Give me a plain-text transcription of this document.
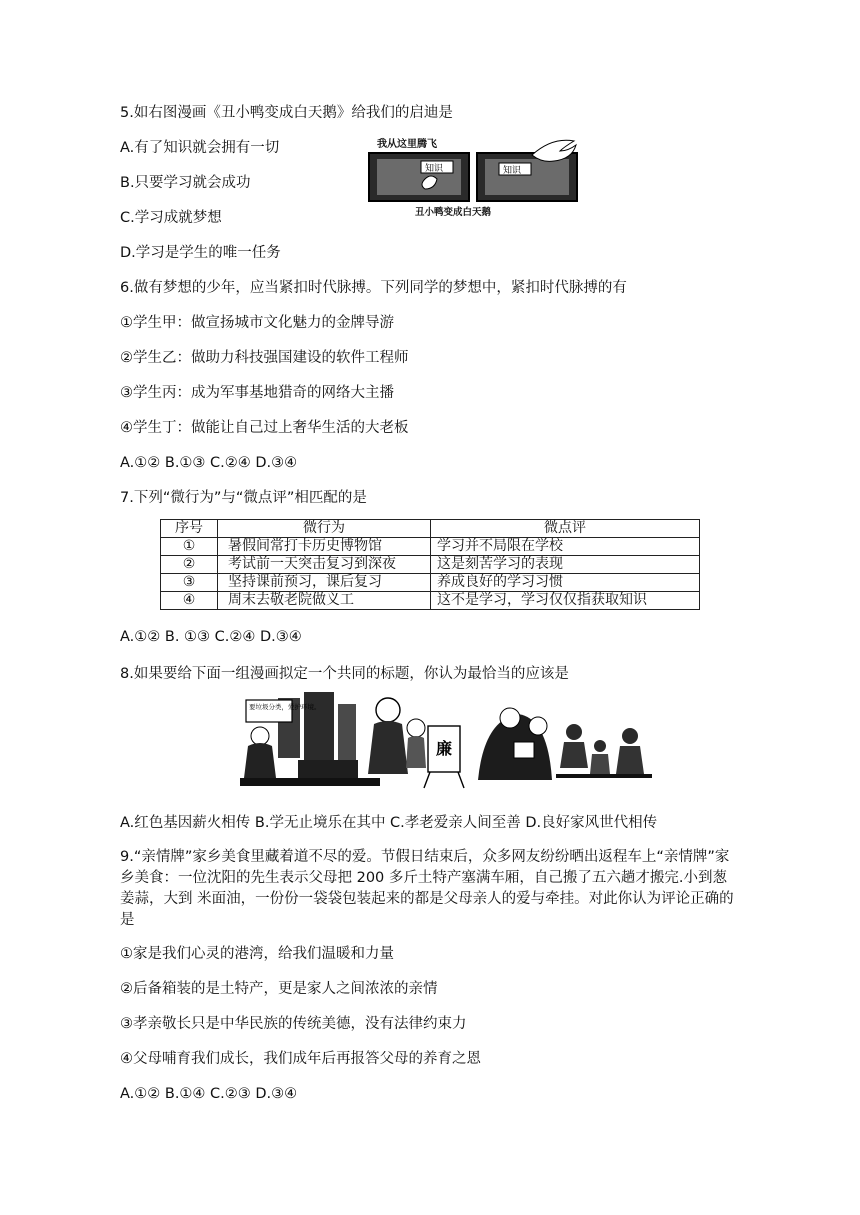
5.如右图漫画《丑小鸭变成白天鹅》给我们的启迪是
A.有了知识就会拥有一切
B.只要学习就会成功
C.学习成就梦想
D.学习是学生的唯一任务
我从这里腾飞
知识	知识
丑小鸭变成白天鹅
6.做有梦想的少年，应当紧扣时代脉搏。下列同学的梦想中，紧扣时代脉搏的有
①学生甲：做宣扬城市文化魅力的金牌导游
②学生乙：做助力科技强国建设的软件工程师
③学生丙：成为军事基地猎奇的网络大主播
④学生丁：做能让自己过上奢华生活的大老板
A.①② B.①③ C.②④ D.③④
7.下列“微行为”与“微点评”相匹配的是
序号	微行为	微点评
①	暑假间常打卡历史博物馆	学习并不局限在学校
②	考试前一天突击复习到深夜	这是刻苦学习的表现
③	坚持课前预习，课后复习	养成良好的学习习惯
④	周末去敬老院做义工	这不是学习，学习仅仅指获取知识
A.①② B. ①③ C.②④ D.③④
8.如果要给下面一组漫画拟定一个共同的标题，你认为最恰当的应该是
要垃圾分类，爱护环境。
廉
A.红色基因薪火相传 B.学无止境乐在其中 C.孝老爱亲人间至善 D.良好家风世代相传
9.“亲情牌”家乡美食里藏着道不尽的爱。节假日结束后，众多网友纷纷晒出返程车上“亲情牌”家乡美食：一位沈阳的先生表示父母把 200 多斤土特产塞满车厢，自己搬了五六趟才搬完.小到葱姜蒜，大到 米面油，一份份一袋袋包装起来的都是父母亲人的爱与牵挂。对此你认为评论正确的是
①家是我们心灵的港湾，给我们温暖和力量
②后备箱装的是土特产，更是家人之间浓浓的亲情
③孝亲敬长只是中华民族的传统美德，没有法律约束力
④父母哺育我们成长，我们成年后再报答父母的养育之恩
A.①② B.①④ C.②③ D.③④
